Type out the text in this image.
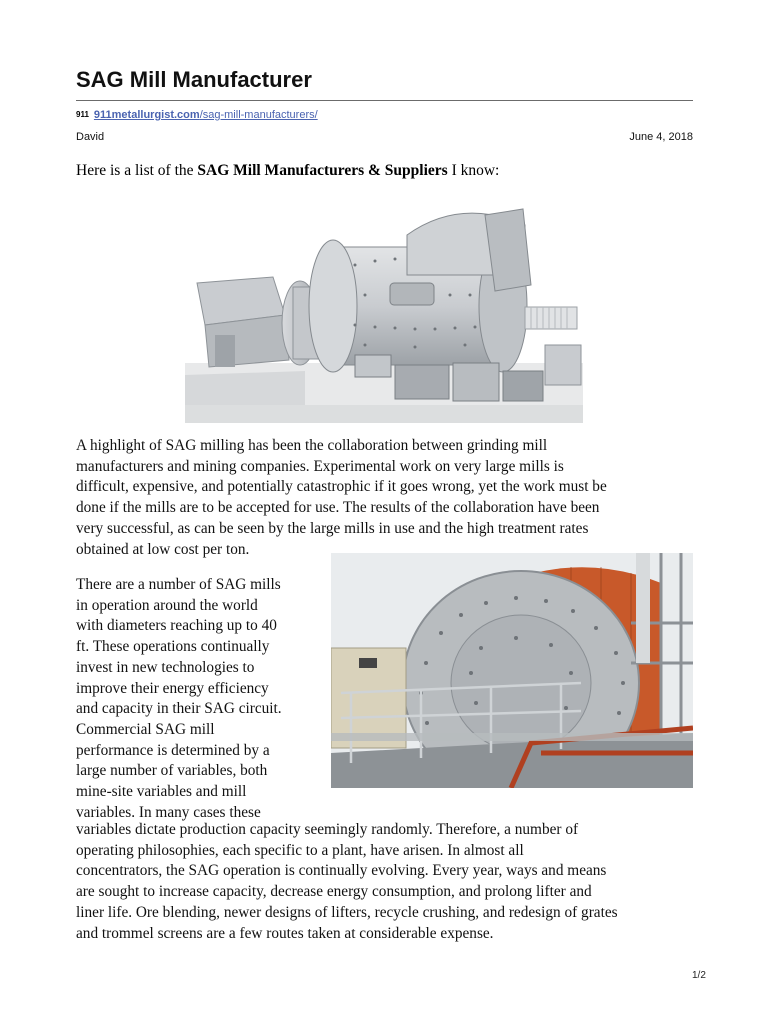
SAG Mill Manufacturer
911 911metallurgist.com/sag-mill-manufacturers/
David	June 4, 2018

Here is a list of the SAG Mill Manufacturers & Suppliers I know:

A highlight of SAG milling has been the collaboration between grinding mill
manufacturers and mining companies. Experimental work on very large mills is
difficult, expensive, and potentially catastrophic if it goes wrong, yet the work must be
done if the mills are to be accepted for use. The results of the collaboration have been
very successful, as can be seen by the large mills in use and the high treatment rates
obtained at low cost per ton.

There are a number of SAG mills
in operation around the world
with diameters reaching up to 40
ft. These operations continually
invest in new technologies to
improve their energy efficiency
and capacity in their SAG circuit.
Commercial SAG mill
performance is determined by a
large number of variables, both
mine-site variables and mill
variables. In many cases these

variables dictate production capacity seemingly randomly. Therefore, a number of
operating philosophies, each specific to a plant, have arisen. In almost all
concentrators, the SAG operation is continually evolving. Every year, ways and means
are sought to increase capacity, decrease energy consumption, and prolong lifter and
liner life. Ore blending, newer designs of lifters, recycle crushing, and redesign of grates
and trommel screens are a few routes taken at considerable expense.

1/2
